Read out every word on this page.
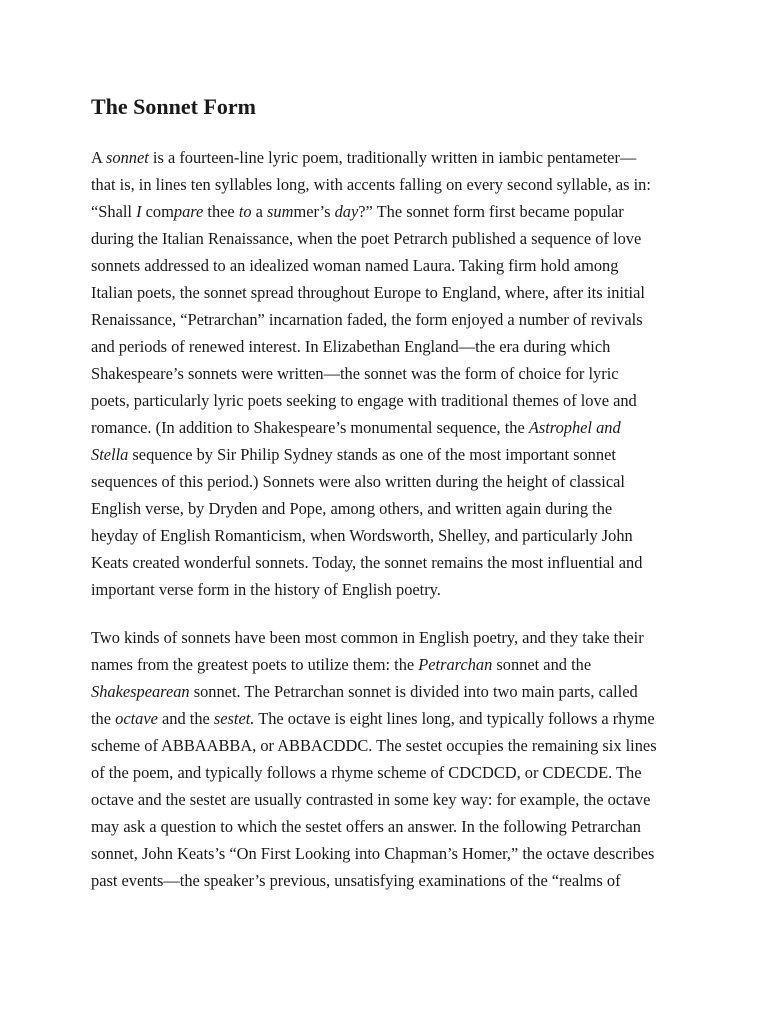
The Sonnet Form
A sonnet is a fourteen-line lyric poem, traditionally written in iambic pentameter—
that is, in lines ten syllables long, with accents falling on every second syllable, as in:
“Shall I compare thee to a summer’s day?” The sonnet form first became popular
during the Italian Renaissance, when the poet Petrarch published a sequence of love
sonnets addressed to an idealized woman named Laura. Taking firm hold among
Italian poets, the sonnet spread throughout Europe to England, where, after its initial
Renaissance, “Petrarchan” incarnation faded, the form enjoyed a number of revivals
and periods of renewed interest. In Elizabethan England—the era during which
Shakespeare’s sonnets were written—the sonnet was the form of choice for lyric
poets, particularly lyric poets seeking to engage with traditional themes of love and
romance. (In addition to Shakespeare’s monumental sequence, the Astrophel and
Stella sequence by Sir Philip Sydney stands as one of the most important sonnet
sequences of this period.) Sonnets were also written during the height of classical
English verse, by Dryden and Pope, among others, and written again during the
heyday of English Romanticism, when Wordsworth, Shelley, and particularly John
Keats created wonderful sonnets. Today, the sonnet remains the most influential and
important verse form in the history of English poetry.
Two kinds of sonnets have been most common in English poetry, and they take their
names from the greatest poets to utilize them: the Petrarchan sonnet and the
Shakespearean sonnet. The Petrarchan sonnet is divided into two main parts, called
the octave and the sestet. The octave is eight lines long, and typically follows a rhyme
scheme of ABBAABBA, or ABBACDDC. The sestet occupies the remaining six lines
of the poem, and typically follows a rhyme scheme of CDCDCD, or CDECDE. The
octave and the sestet are usually contrasted in some key way: for example, the octave
may ask a question to which the sestet offers an answer. In the following Petrarchan
sonnet, John Keats’s “On First Looking into Chapman’s Homer,” the octave describes
past events—the speaker’s previous, unsatisfying examinations of the “realms of
